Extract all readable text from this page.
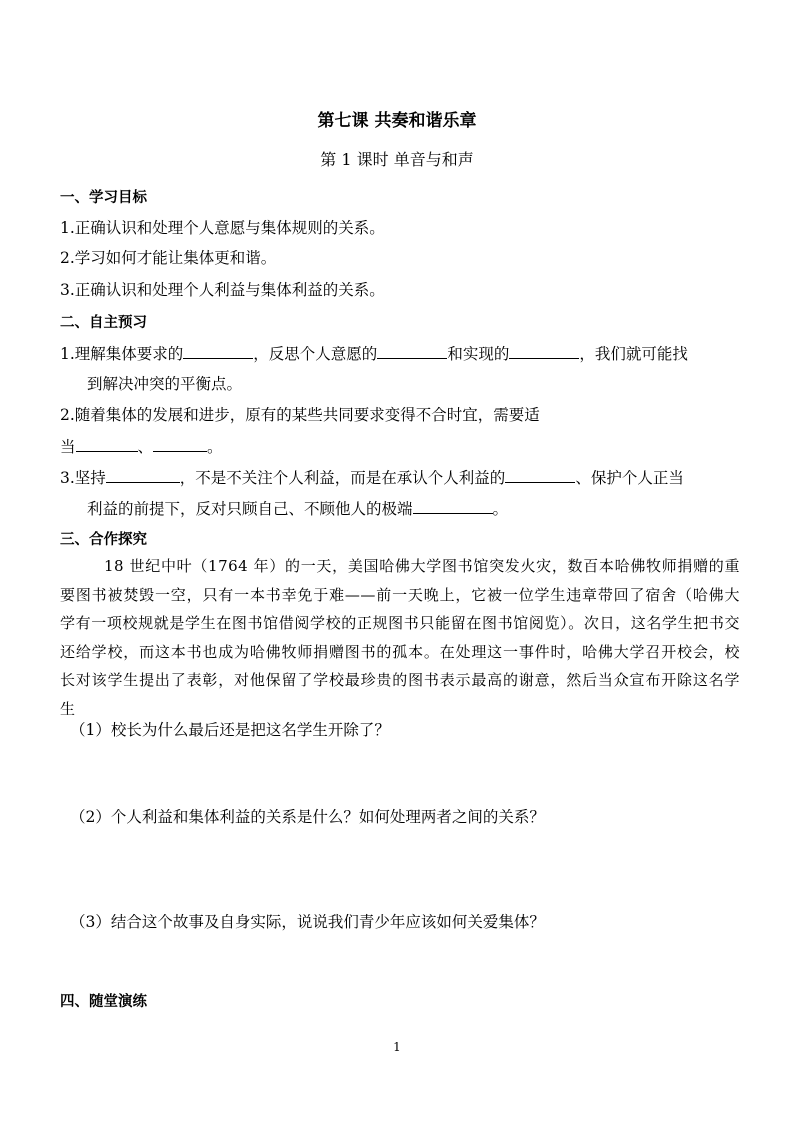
第七课 共奏和谐乐章
第 1 课时 单音与和声
一、学习目标
1.正确认识和处理个人意愿与集体规则的关系。
2.学习如何才能让集体更和谐。
3.正确认识和处理个人利益与集体利益的关系。
二、自主预习
1.理解集体要求的	，反思个人意愿的	和实现的	，我们就可能找
到解决冲突的平衡点。
2.随着集体的发展和进步，原有的某些共同要求变得不合时宜，需要适
当	、	。
3.坚持	，不是不关注个人利益，而是在承认个人利益的	、保护个人正当
利益的前提下，反对只顾自己、不顾他人的极端	。
三、合作探究
18 世纪中叶（1764 年）的一天，美国哈佛大学图书馆突发火灾，数百本哈佛牧师捐赠的重要图书被焚毁一空，只有一本书幸免于难——前一天晚上，它被一位学生违章带回了宿舍（哈佛大学有一项校规就是学生在图书馆借阅学校的正规图书只能留在图书馆阅览）。次日，这名学生把书交还给学校，而这本书也成为哈佛牧师捐赠图书的孤本。在处理这一事件时，哈佛大学召开校会，校长对该学生提出了表彰，对他保留了学校最珍贵的图书表示最高的谢意，然后当众宣布开除这名学生
（1）校长为什么最后还是把这名学生开除了？
（2）个人利益和集体利益的关系是什么？如何处理两者之间的关系？
（3）结合这个故事及自身实际，说说我们青少年应该如何关爱集体？
四、随堂演练
1
